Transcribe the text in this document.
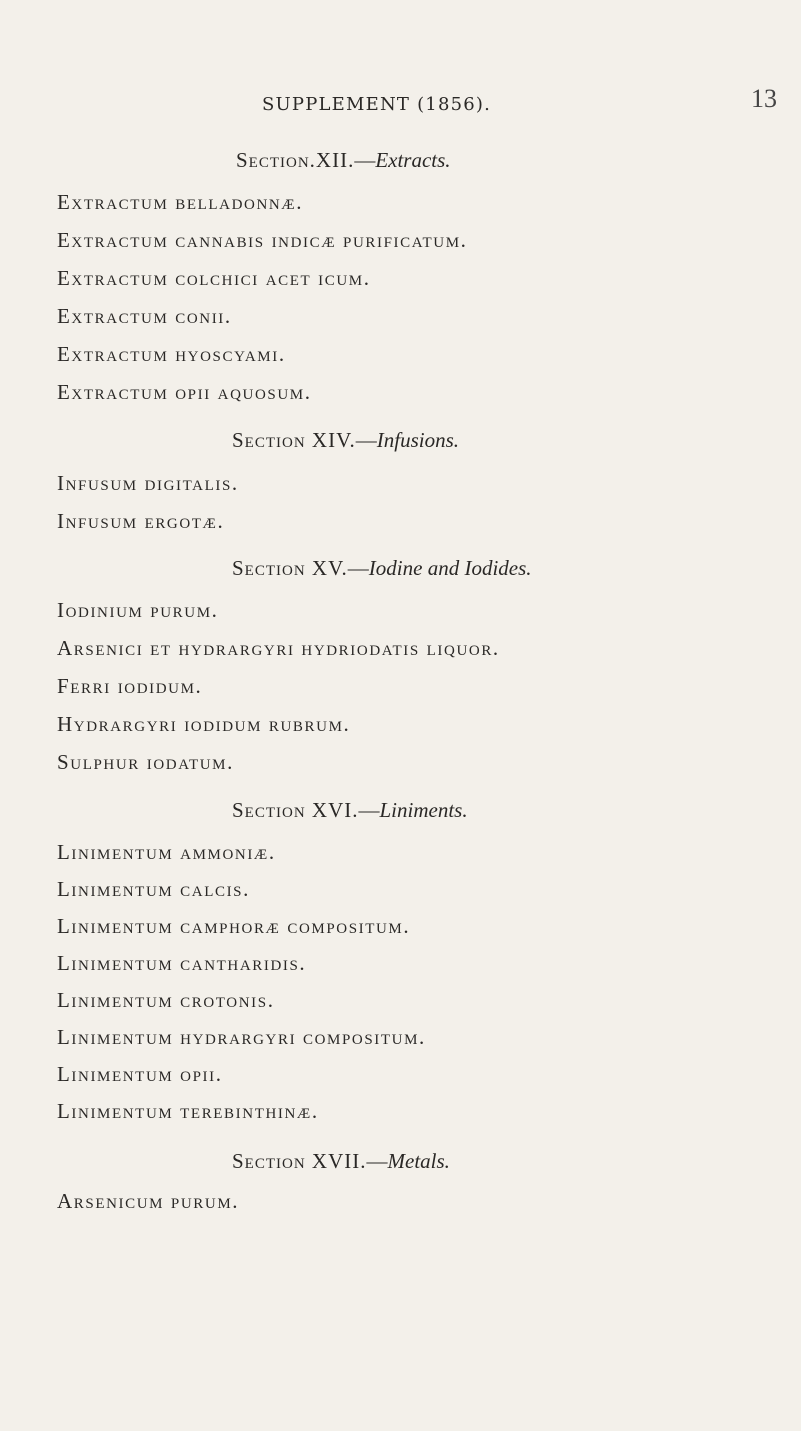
SUPPLEMENT (1856).	13
Section.XII. — Extracts.
Extractum belladonnæ.
Extractum cannabis indicæ purificatum.
Extractum colchici acet icum.
Extractum conii.
Extractum hyoscyami.
Extractum opii aquosum.
Section XIV. — Infusions.
Infusum digitalis.
Infusum ergotæ.
Section XV. — Iodine and Iodides.
Iodinium purum.
Arsenici et hydrargyri hydriodatis liquor.
Ferri iodidum.
Hydrargyri iodidum rubrum.
Sulphur iodatum.
Section XVI. — Liniments.
Linimentum ammoniæ.
Linimentum calcis.
Linimentum camphoræ compositum.
Linimentum cantharidis.
Linimentum crotonis.
Linimentum hydrargyri compositum.
Linimentum opii.
Linimentum terebinthinæ.
Section XVII. — Metals.
Arsenicum purum.
